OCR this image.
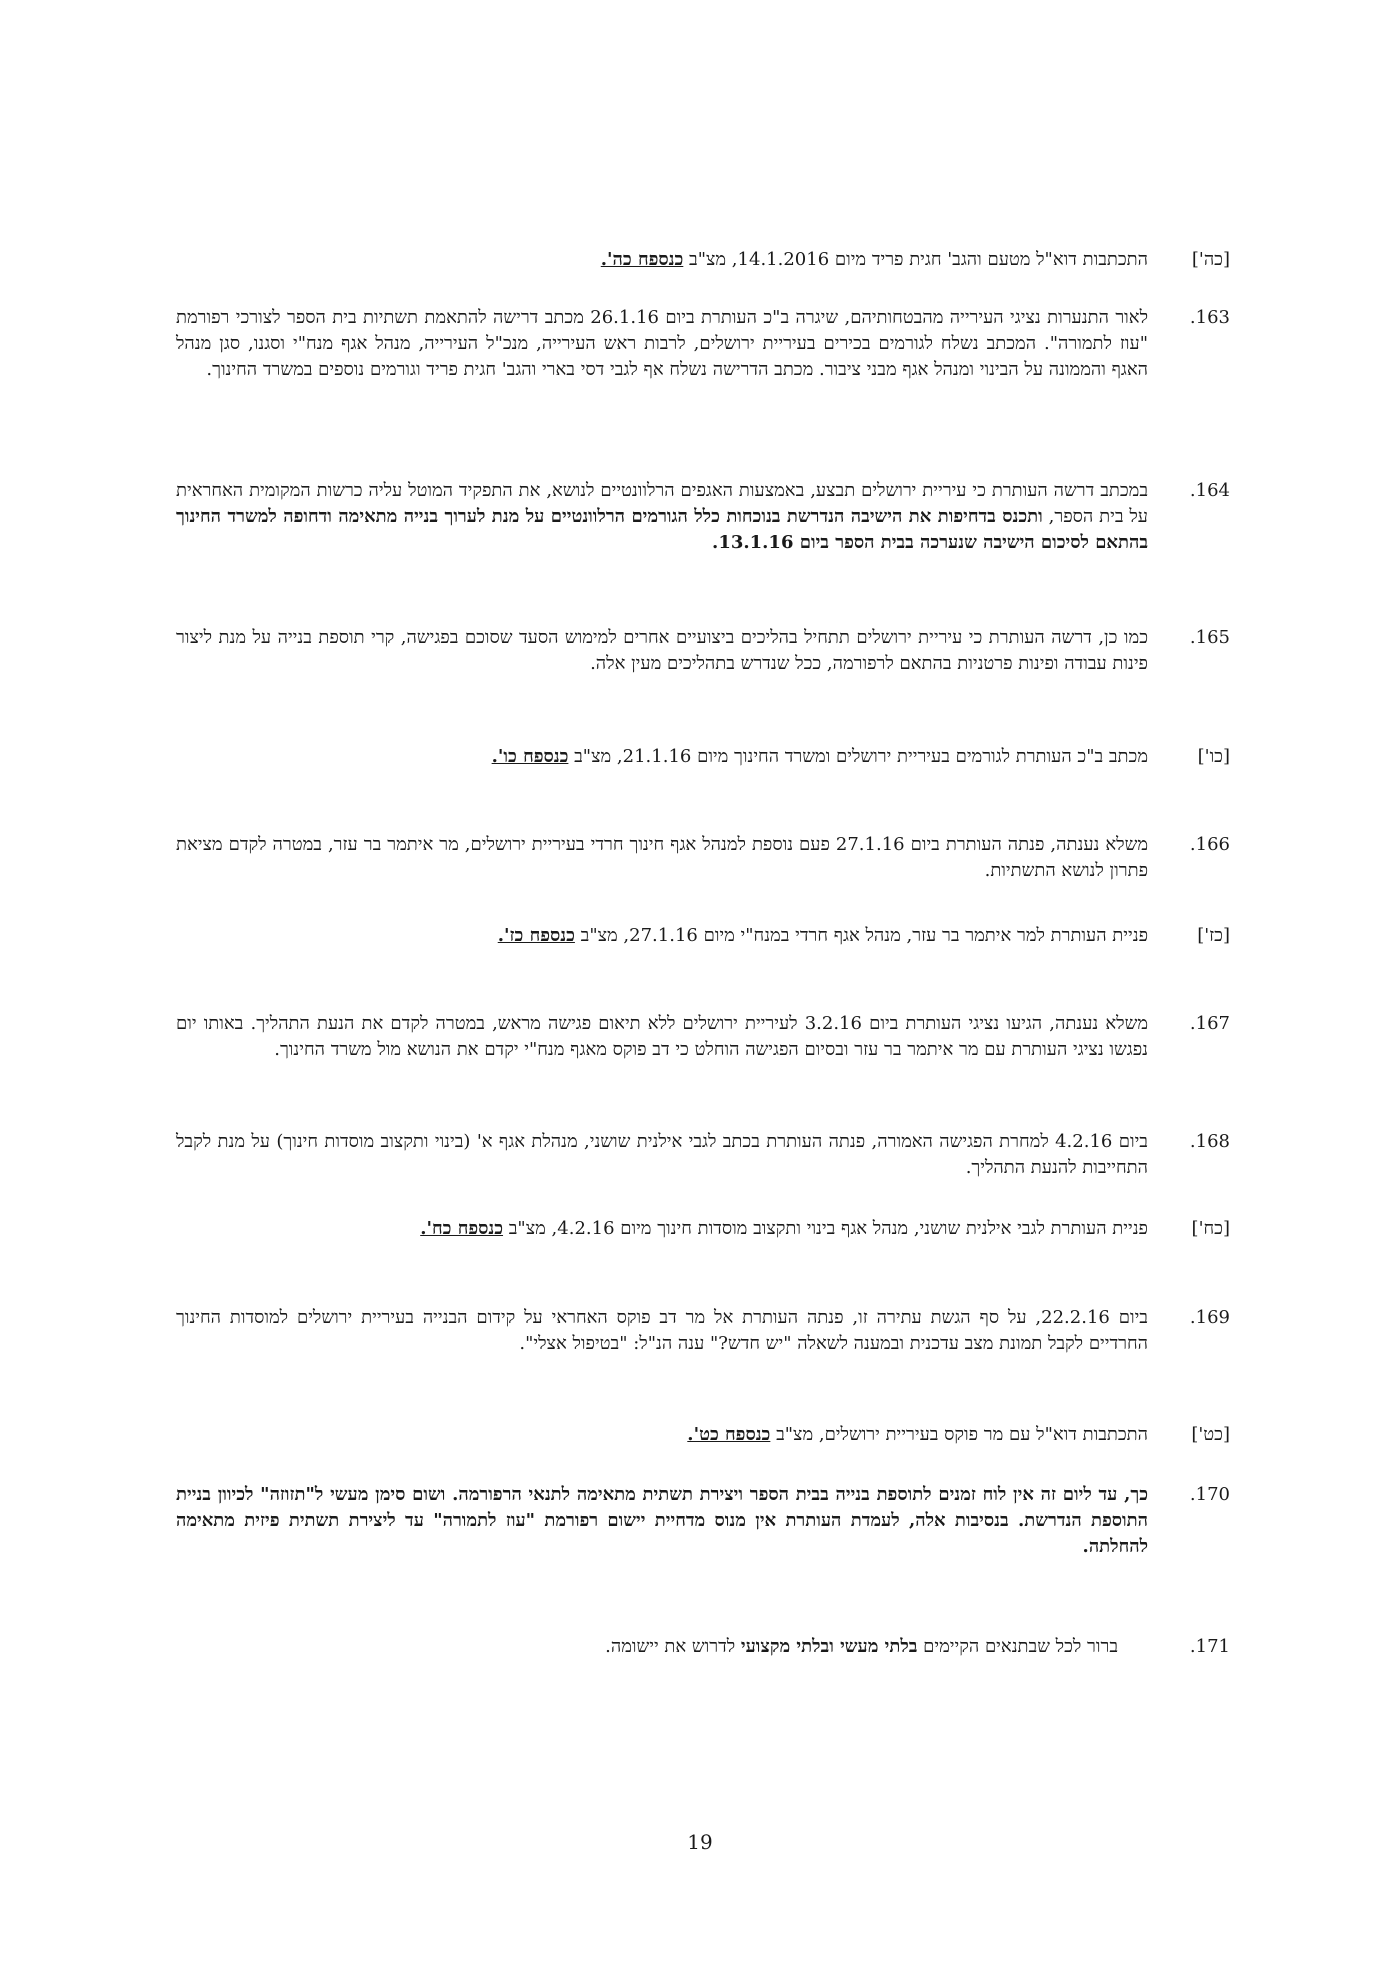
[כה']
התכתבות דוא"ל מטעם והגב' חגית פריד מיום 14.1.2016, מצ"ב כנספח כה'.
163.
לאור התנערות נציגי העירייה מהבטחותיהם, שיגרה ב"כ העותרת ביום 26.1.16 מכתב דרישה להתאמת תשתיות בית הספר לצורכי רפורמת "עוז לתמורה". המכתב נשלח לגורמים בכירים בעיריית ירושלים, לרבות ראש העירייה, מנכ"ל העירייה, מנהל אגף מנח"י וסגנו, סגן מנהל האגף והממונה על הבינוי ומנהל אגף מבני ציבור. מכתב הדרישה נשלח אף לגבי דסי בארי והגב' חגית פריד וגורמים נוספים במשרד החינוך.
164.
במכתב דרשה העותרת כי עיריית ירושלים תבצע, באמצעות האגפים הרלוונטיים לנושא, את התפקיד המוטל עליה כרשות המקומית האחראית על בית הספר, ותכנס בדחיפות את הישיבה הנדרשת בנוכחות כלל הגורמים הרלוונטיים על מנת לערוך בנייה מתאימה ודחופה למשרד החינוך בהתאם לסיכום הישיבה שנערכה בבית הספר ביום 13.1.16.
165.
כמו כן, דרשה העותרת כי עיריית ירושלים תתחיל בהליכים ביצועיים אחרים למימוש הסעד שסוכם בפגישה, קרי תוספת בנייה על מנת ליצור פינות עבודה ופינות פרטניות בהתאם לרפורמה, ככל שנדרש בתהליכים מעין אלה.
[כו']
מכתב ב"כ העותרת לגורמים בעיריית ירושלים ומשרד החינוך מיום 21.1.16, מצ"ב כנספח כו'.
166.
משלא נענתה, פנתה העותרת ביום 27.1.16 פעם נוספת למנהל אגף חינוך חרדי בעיריית ירושלים, מר איתמר בר עזר, במטרה לקדם מציאת פתרון לנושא התשתיות.
[כז']
פניית העותרת למר איתמר בר עזר, מנהל אגף חרדי במנח"י מיום 27.1.16, מצ"ב כנספח כז'.
167.
משלא נענתה, הגיעו נציגי העותרת ביום 3.2.16 לעיריית ירושלים ללא תיאום פגישה מראש, במטרה לקדם את הנעת התהליך. באותו יום נפגשו נציגי העותרת עם מר איתמר בר עזר ובסיום הפגישה הוחלט כי דב פוקס מאגף מנח"י יקדם את הנושא מול משרד החינוך.
168.
ביום 4.2.16 למחרת הפגישה האמורה, פנתה העותרת בכתב לגבי אילנית שושני, מנהלת אגף א' (בינוי ותקצוב מוסדות חינוך) על מנת לקבל התחייבות להנעת התהליך.
[כח']
פניית העותרת לגבי אילנית שושני, מנהל אגף בינוי ותקצוב מוסדות חינוך מיום 4.2.16, מצ"ב כנספח כח'.
169.
ביום 22.2.16, על סף הגשת עתירה זו, פנתה העותרת אל מר דב פוקס האחראי על קידום הבנייה בעיריית ירושלים למוסדות החינוך החרדיים לקבל תמונת מצב עדכנית ובמענה לשאלה "יש חדש?" ענה הנ"ל: "בטיפול אצלי".
[כט']
התכתבות דוא"ל עם מר פוקס בעיריית ירושלים, מצ"ב כנספח כט'.
170.
כך, עד ליום זה אין לוח זמנים לתוספת בנייה בבית הספר ויצירת תשתית מתאימה לתנאי הרפורמה. ושום סימן מעשי ל"תזוזה" לכיוון בניית התוספת הנדרשת. בנסיבות אלה, לעמדת העותרת אין מנוס מדחיית יישום רפורמת "עוז לתמורה" עד ליצירת תשתית פיזית מתאימה להחלתה.
171.
ברור לכל שבתנאים הקיימים בלתי מעשי ובלתי מקצועי לדרוש את יישומה.
19
